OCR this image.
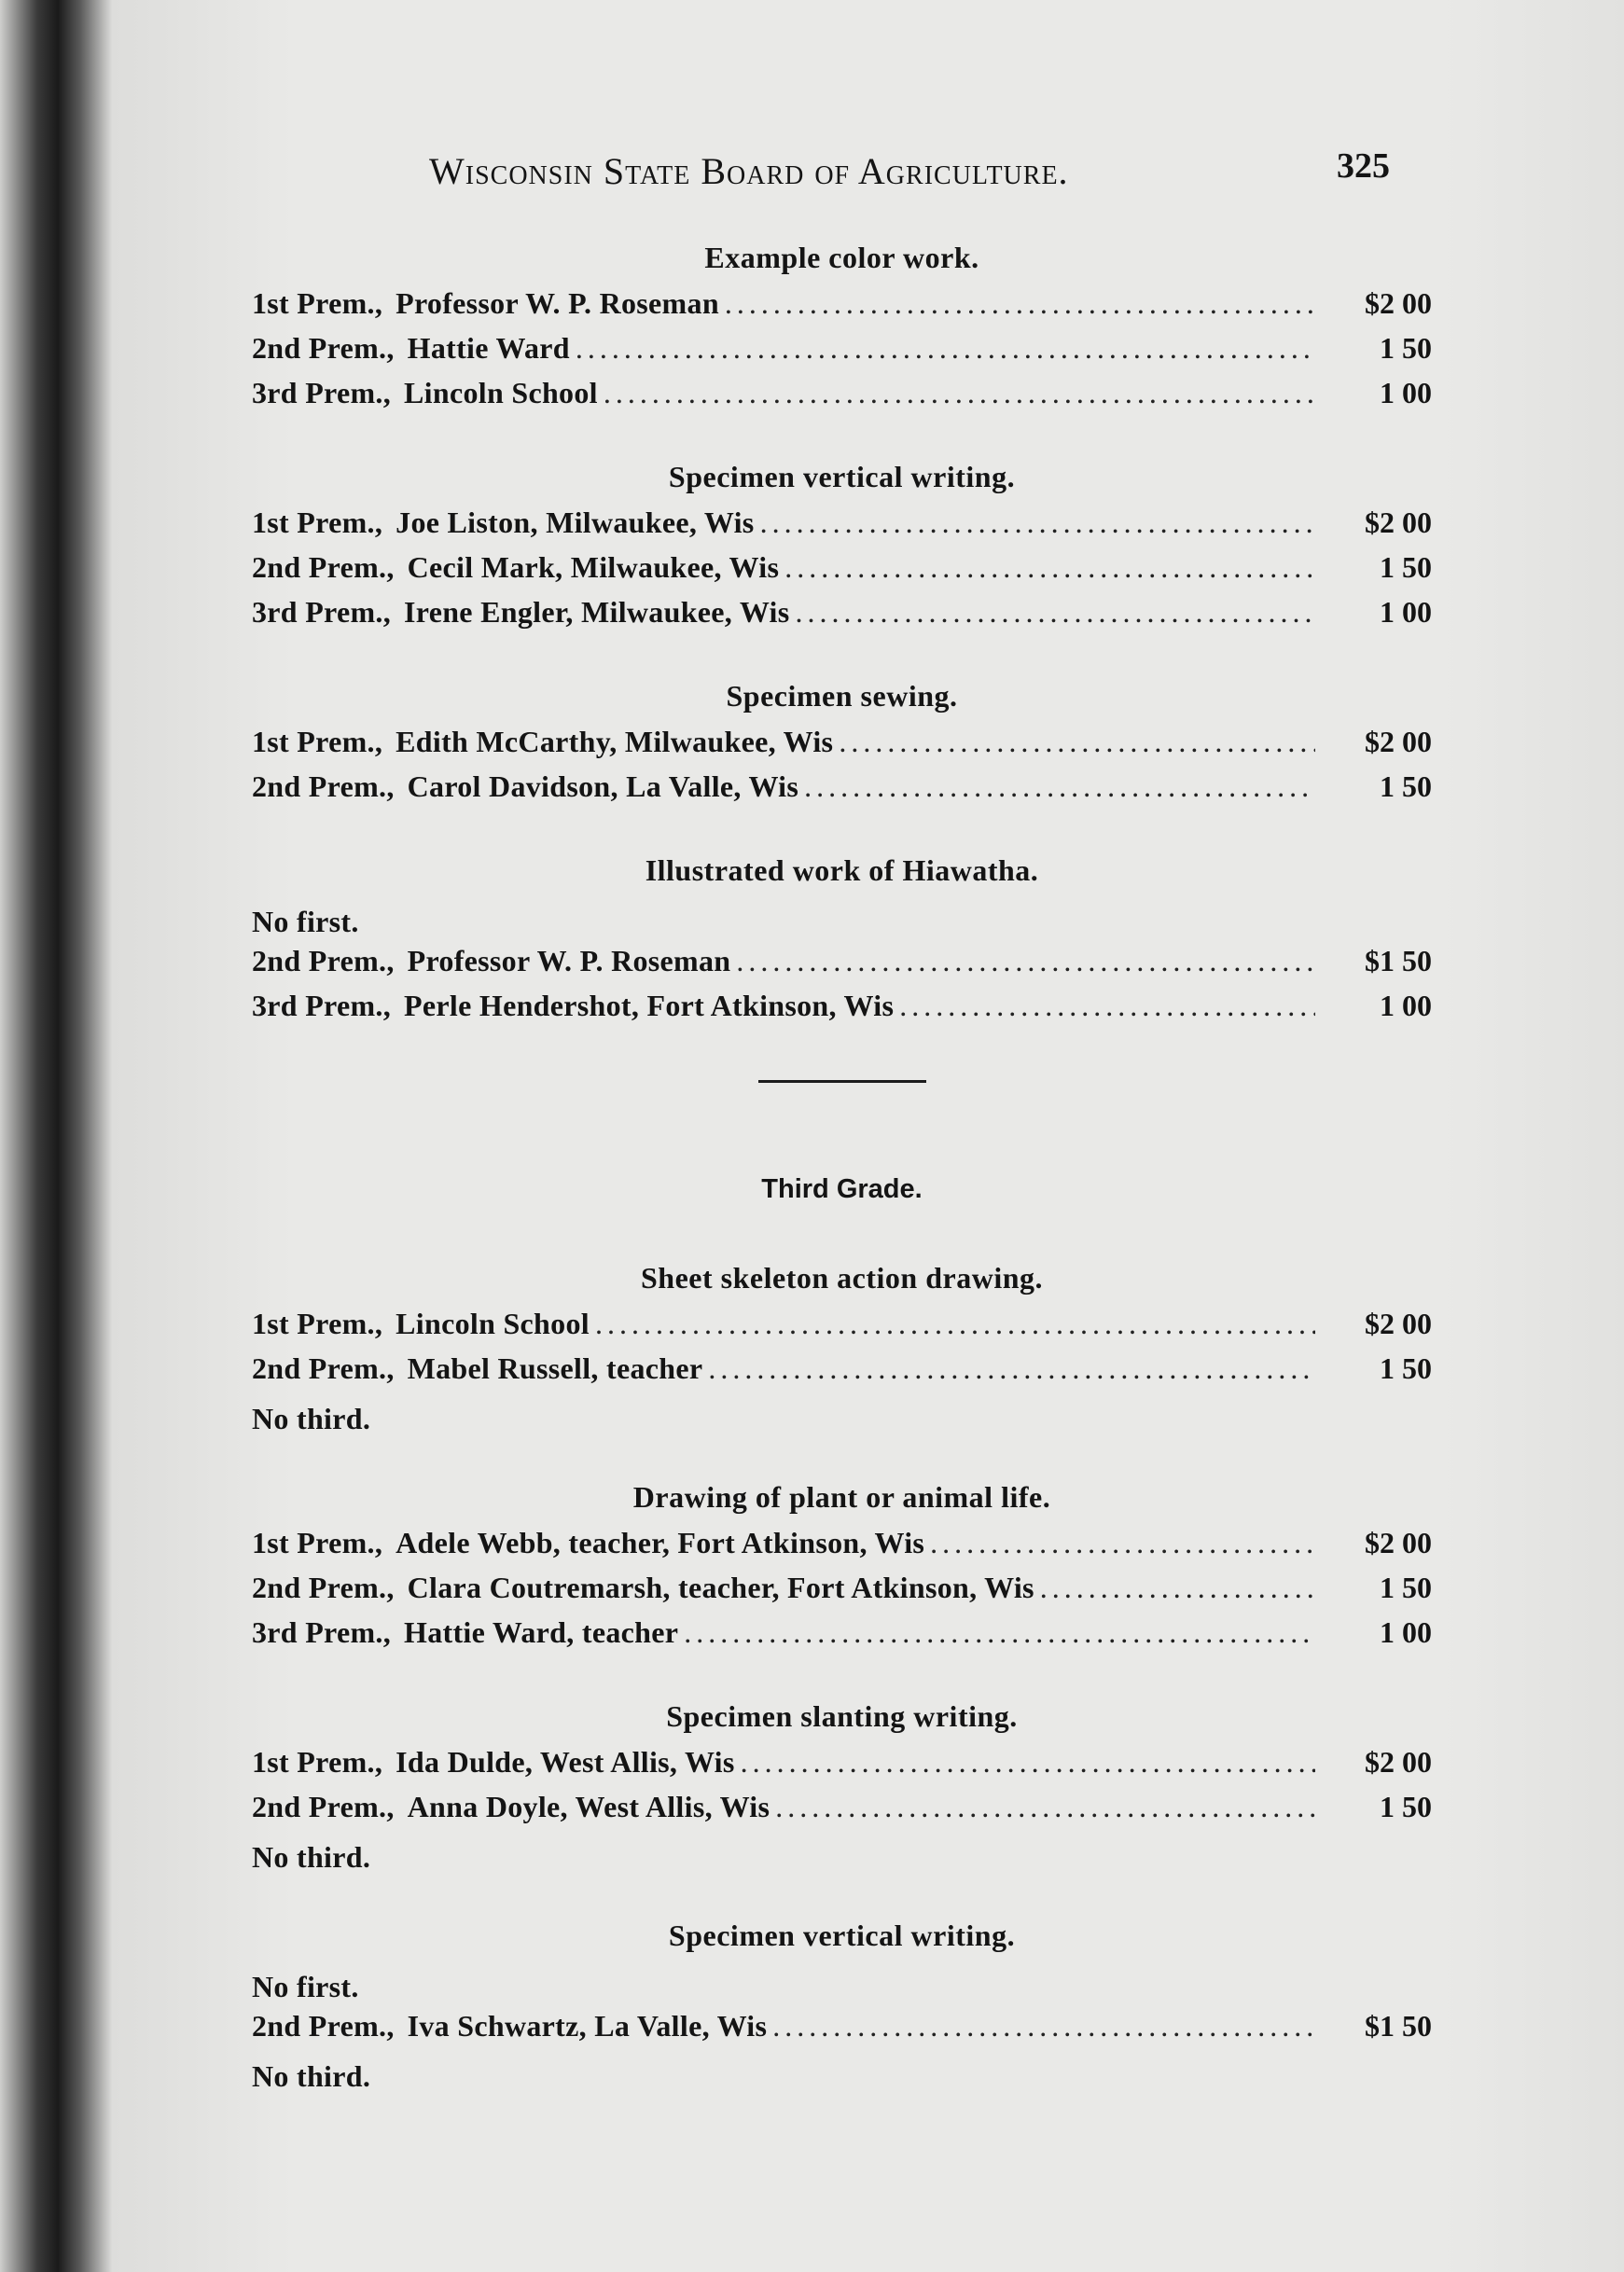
Wisconsin State Board of Agriculture.	325
Example color work.
1st Prem., Professor W. P. Roseman .....	$2 00
2nd Prem., Hattie Ward .....	1 50
3rd Prem., Lincoln School .....	1 00
Specimen vertical writing.
1st Prem., Joe Liston, Milwaukee, Wis .....	$2 00
2nd Prem., Cecil Mark, Milwaukee, Wis .....	1 50
3rd Prem., Irene Engler, Milwaukee, Wis .....	1 00
Specimen sewing.
1st Prem., Edith McCarthy, Milwaukee, Wis .....	$2 00
2nd Prem., Carol Davidson, La Valle, Wis .....	1 50
Illustrated work of Hiawatha.
No first.
2nd Prem., Professor W. P. Roseman .....	$1 50
3rd Prem., Perle Hendershot, Fort Atkinson, Wis .....	1 00
Third Grade.
Sheet skeleton action drawing.
1st Prem., Lincoln School .....	$2 00
2nd Prem., Mabel Russell, teacher .....	1 50
No third.
Drawing of plant or animal life.
1st Prem., Adele Webb, teacher, Fort Atkinson, Wis .....	$2 00
2nd Prem., Clara Coutremarsh, teacher, Fort Atkinson, Wis .....	1 50
3rd Prem., Hattie Ward, teacher .....	1 00
Specimen slanting writing.
1st Prem., Ida Dulde, West Allis, Wis .....	$2 00
2nd Prem., Anna Doyle, West Allis, Wis .....	1 50
No third.
Specimen vertical writing.
No first.
2nd Prem., Iva Schwartz, La Valle, Wis .....	$1 50
No third.
